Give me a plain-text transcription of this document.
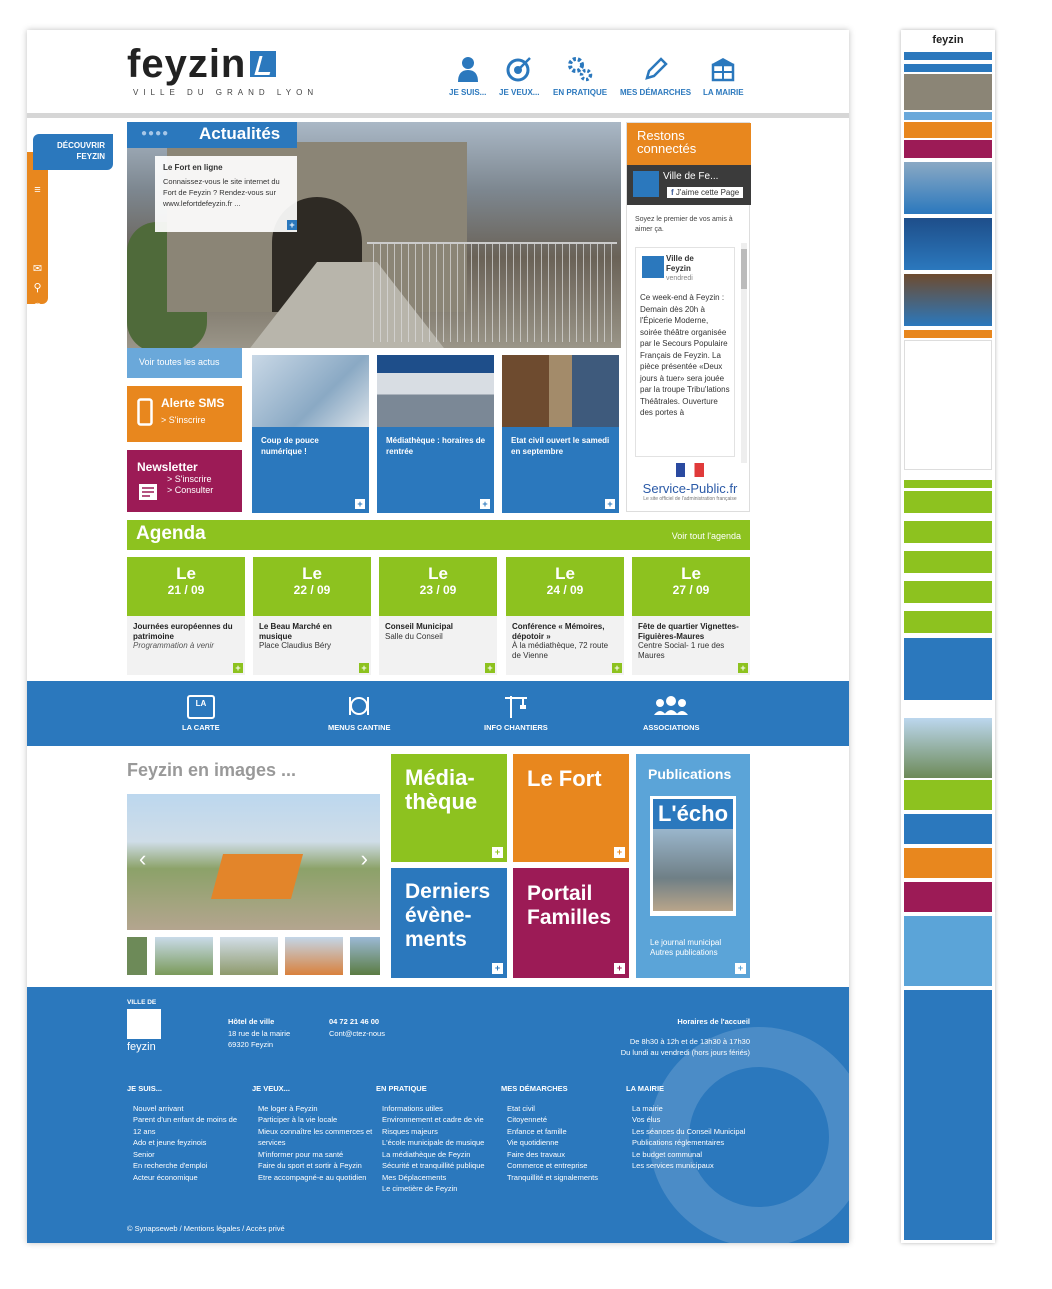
feyzin
VILLE DU GRAND LYON	JE SUIS... JE VEUX... EN PRATIQUE MES DÉMARCHES LA MAIRIE
≡
✉
⚲
◉
DÉCOUVRIR
FEYZIN
●●●● Actualités
Le Fort en ligne
Connaissez-vous le site internet du Fort de Feyzin ? Rendez-vous sur www.lefortdefeyzin.fr ...
+
Voir toutes les actus
Alerte SMS
> S'inscrire
Newsletter
> S'inscrire
> Consulter
Coup de pouce numérique !
+
Médiathèque : horaires de rentrée
+
Etat civil ouvert le samedi en septembre
+
Restons
connectés
Ville de Fe...
f J'aime cette Page
Soyez le premier de vos amis à aimer ça.
Ville de
Feyzin
vendredi
Ce week-end à Feyzin : Demain dès 20h à l'Épicerie Moderne, soirée théâtre organisée par le Secours Populaire Français de Feyzin. La pièce présentée «Deux jours à tuer» sera jouée par la troupe Tribu'lations Théâtrales. Ouverture des portes à
Service-Public.fr
Le site officiel de l'administration française
Agenda	Voir tout l'agenda
Le
21 / 09
Journées européennes du patrimoine
Programmation à venir
+
Le
22 / 09
Le Beau Marché en musique
Place Claudius Béry
+
Le
23 / 09
Conseil Municipal
Salle du Conseil
+
Le
24 / 09
Conférence « Mémoires, dépotoir »
À la médiathèque, 72 route de Vienne
+
Le
27 / 09
Fête de quartier Vignettes-Figuières-Maures
Centre Social- 1 rue des Maures
+
LA
LA CARTE	MENUS CANTINE	INFO CHANTIERS	ASSOCIATIONS
Feyzin en images ...
‹	›
Média-thèque
+
Le Fort
+
Derniers évène-ments
+
Portail Familles
+
Publications
L'écho
Le journal municipal
Autres publications
+
VILLE DE
feyzin
Hôtel de ville
18 rue de la mairie
69320 Feyzin
04 72 21 46 00
Cont@ctez-nous
Horaires de l'accueil
De 8h30 à 12h et de 13h30 à 17h30
Du lundi au vendredi (hors jours fériés)
JE SUIS...
Nouvel arrivant
Parent d'un enfant de moins de 12 ans
Ado et jeune feyzinois
Senior
En recherche d'emploi
Acteur économique
JE VEUX...
Me loger à Feyzin
Participer à la vie locale
Mieux connaître les commerces et services
M'informer pour ma santé
Faire du sport et sortir à Feyzin
Etre accompagné-e au quotidien
EN PRATIQUE
Informations utiles
Environnement et cadre de vie
Risques majeurs
L'école municipale de musique
La médiathèque de Feyzin
Sécurité et tranquillité publique
Mes Déplacements
Le cimetière de Feyzin
MES DÉMARCHES
Etat civil
Citoyenneté
Enfance et famille
Vie quotidienne
Faire des travaux
Commerce et entreprise
Tranquillité et signalements
LA MAIRIE
La mairie
Vos élus
Les séances du Conseil Municipal
Publications réglementaires
Le budget communal
Les services municipaux
© Synapseweb / Mentions légales / Accès privé
feyzin
